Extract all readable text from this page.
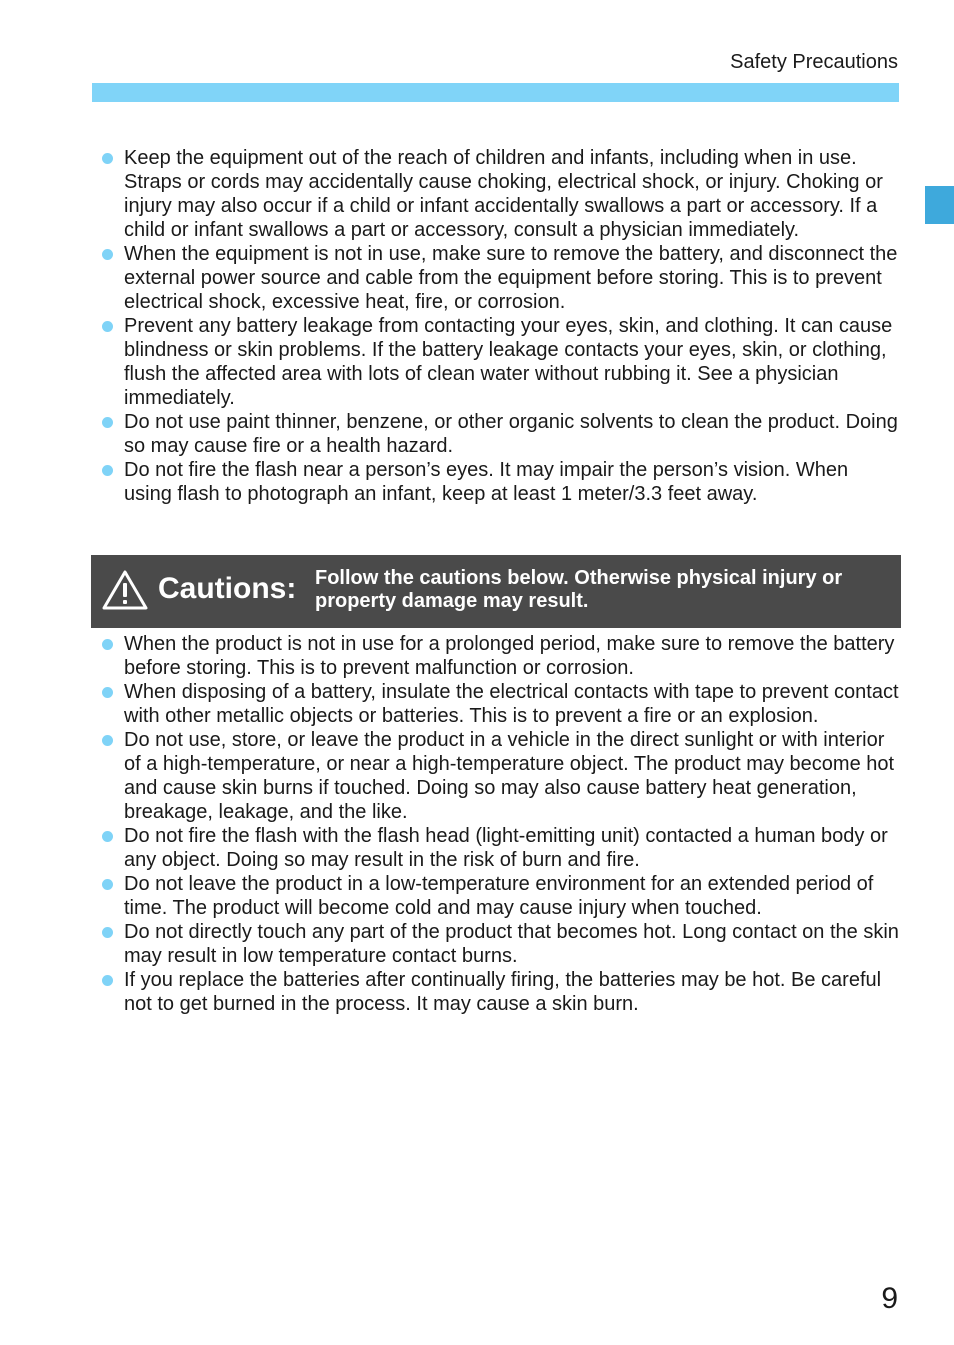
Safety Precautions
Keep the equipment out of the reach of children and infants, including when in use. Straps or cords may accidentally cause choking, electrical shock, or injury. Choking or injury may also occur if a child or infant accidentally swallows a part or accessory. If a child or infant swallows a part or accessory, consult a physician immediately.
When the equipment is not in use, make sure to remove the battery, and disconnect the external power source and cable from the equipment before storing. This is to prevent electrical shock, excessive heat, fire, or corrosion.
Prevent any battery leakage from contacting your eyes, skin, and clothing. It can cause blindness or skin problems. If the battery leakage contacts your eyes, skin, or clothing, flush the affected area with lots of clean water without rubbing it. See a physician immediately.
Do not use paint thinner, benzene, or other organic solvents to clean the product. Doing so may cause fire or a health hazard.
Do not fire the flash near a person’s eyes. It may impair the person’s vision. When using flash to photograph an infant, keep at least 1 meter/3.3 feet away.
Cautions: Follow the cautions below. Otherwise physical injury or property damage may result.
When the product is not in use for a prolonged period, make sure to remove the battery before storing. This is to prevent malfunction or corrosion.
When disposing of a battery, insulate the electrical contacts with tape to prevent contact with other metallic objects or batteries. This is to prevent a fire or an explosion.
Do not use, store, or leave the product in a vehicle in the direct sunlight or with interior of a high-temperature, or near a high-temperature object. The product may become hot and cause skin burns if touched. Doing so may also cause battery heat generation, breakage, leakage, and the like.
Do not fire the flash with the flash head (light-emitting unit) contacted a human body or any object. Doing so may result in the risk of burn and fire.
Do not leave the product in a low-temperature environment for an extended period of time. The product will become cold and may cause injury when touched.
Do not directly touch any part of the product that becomes hot. Long contact on the skin may result in low temperature contact burns.
If you replace the batteries after continually firing, the batteries may be hot. Be careful not to get burned in the process. It may cause a skin burn.
9
